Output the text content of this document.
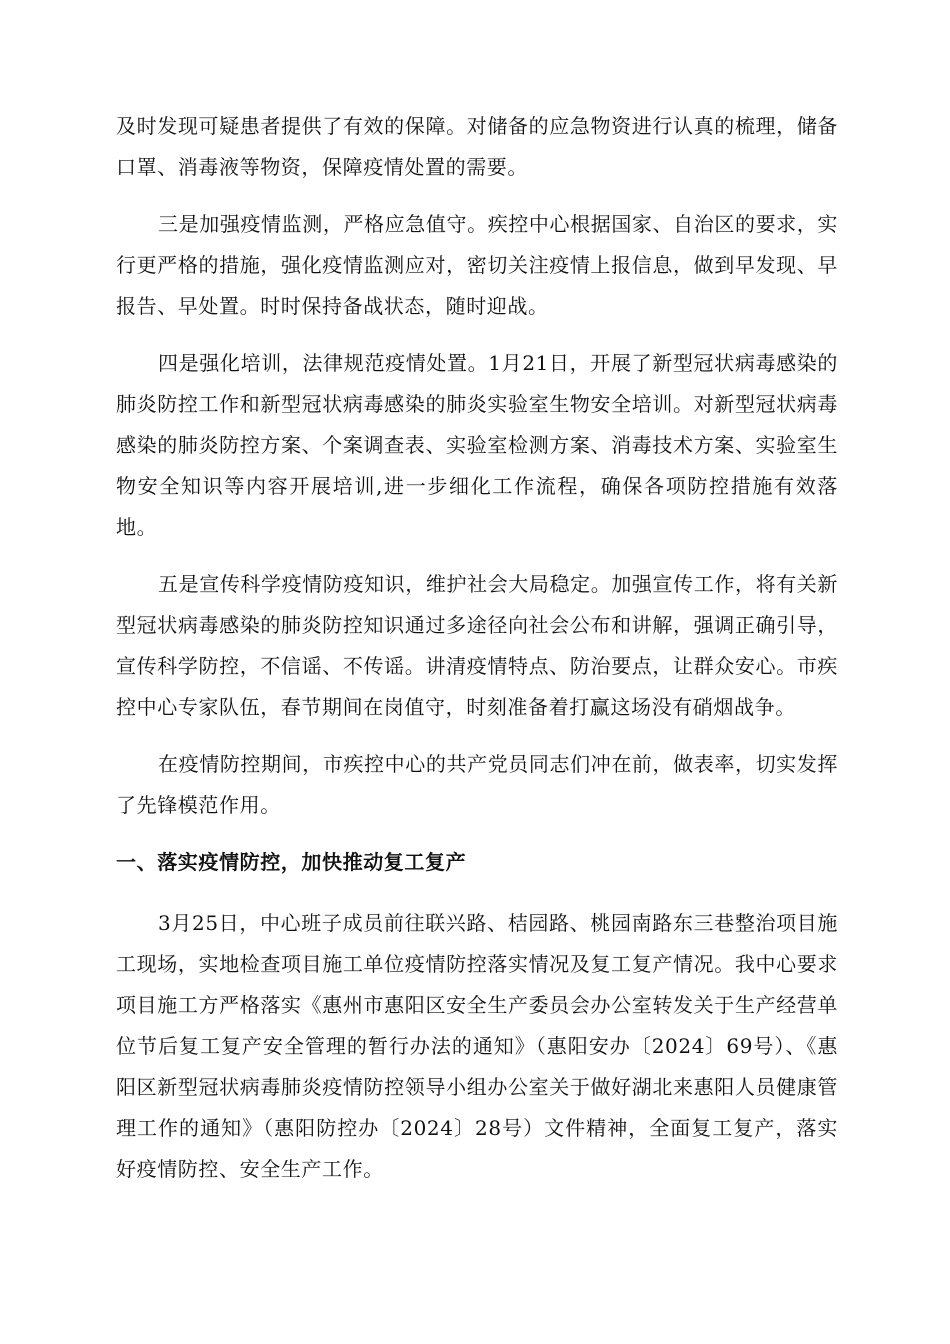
及时发现可疑患者提供了有效的保障。对储备的应急物资进行认真的梳理，储备口罩、消毒液等物资，保障疫情处置的需要。

三是加强疫情监测，严格应急值守。疾控中心根据国家、自治区的要求，实行更严格的措施，强化疫情监测应对，密切关注疫情上报信息，做到早发现、早报告、早处置。时时保持备战状态，随时迎战。

四是强化培训，法律规范疫情处置。1月21日，开展了新型冠状病毒感染的肺炎防控工作和新型冠状病毒感染的肺炎实验室生物安全培训。对新型冠状病毒感染的肺炎防控方案、个案调查表、实验室检测方案、消毒技术方案、实验室生物安全知识等内容开展培训,进一步细化工作流程，确保各项防控措施有效落地。

五是宣传科学疫情防疫知识，维护社会大局稳定。加强宣传工作，将有关新型冠状病毒感染的肺炎防控知识通过多途径向社会公布和讲解，强调正确引导，宣传科学防控，不信谣、不传谣。讲清疫情特点、防治要点，让群众安心。市疾控中心专家队伍，春节期间在岗值守，时刻准备着打赢这场没有硝烟战争。

在疫情防控期间，市疾控中心的共产党员同志们冲在前，做表率，切实发挥了先锋模范作用。

一、落实疫情防控，加快推动复工复产

3月25日，中心班子成员前往联兴路、桔园路、桃园南路东三巷整治项目施工现场，实地检查项目施工单位疫情防控落实情况及复工复产情况。我中心要求项目施工方严格落实《惠州市惠阳区安全生产委员会办公室转发关于生产经营单位节后复工复产安全管理的暂行办法的通知》（惠阳安办〔2024〕69号）、《惠阳区新型冠状病毒肺炎疫情防控领导小组办公室关于做好湖北来惠阳人员健康管理工作的通知》（惠阳防控办〔2024〕28号）文件精神，全面复工复产，落实好疫情防控、安全生产工作。
